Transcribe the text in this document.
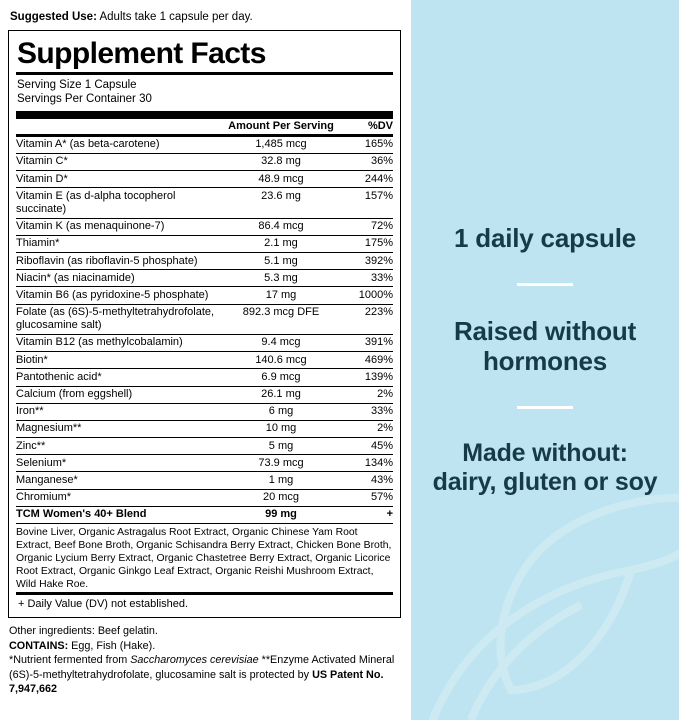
Suggested Use: Adults take 1 capsule per day.
Supplement Facts
Serving Size 1 Capsule
Servings Per Container 30
	Amount Per Serving	%DV
Vitamin A* (as beta-carotene)	1,485 mcg	165%
Vitamin C*	32.8 mg	36%
Vitamin D*	48.9 mcg	244%
Vitamin E (as d-alpha tocopherol succinate)	23.6 mg	157%
Vitamin K (as menaquinone-7)	86.4 mcg	72%
Thiamin*	2.1 mg	175%
Riboflavin (as riboflavin-5 phosphate)	5.1 mg	392%
Niacin* (as niacinamide)	5.3 mg	33%
Vitamin B6 (as pyridoxine-5 phosphate)	17 mg	1000%
Folate (as (6S)-5-methyltetrahydrofolate, glucosamine salt)	892.3 mcg DFE	223%
Vitamin B12 (as methylcobalamin)	9.4 mcg	391%
Biotin*	140.6 mcg	469%
Pantothenic acid*	6.9 mcg	139%
Calcium (from eggshell)	26.1 mg	2%
Iron**	6 mg	33%
Magnesium**	10 mg	2%
Zinc**	5 mg	45%
Selenium*	73.9 mcg	134%
Manganese*	1 mg	43%
Chromium*	20 mcg	57%
TCM Women's 40+ Blend	99 mg	+
Bovine Liver, Organic Astragalus Root Extract, Organic Chinese Yam Root Extract, Beef Bone Broth, Organic Schisandra Berry Extract, Chicken Bone Broth, Organic Lycium Berry Extract, Organic Chastetree Berry Extract, Organic Licorice Root Extract, Organic Ginkgo Leaf Extract, Organic Reishi Mushroom Extract, Wild Hake Roe.		
+ Daily Value (DV) not established.
Other ingredients: Beef gelatin.
CONTAINS: Egg, Fish (Hake).
*Nutrient fermented from Saccharomyces cerevisiae **Enzyme Activated Mineral
(6S)-5-methyltetrahydrofolate, glucosamine salt is protected by US Patent No. 7,947,662
1 daily capsule
Raised without hormones
Made without: dairy, gluten or soy
